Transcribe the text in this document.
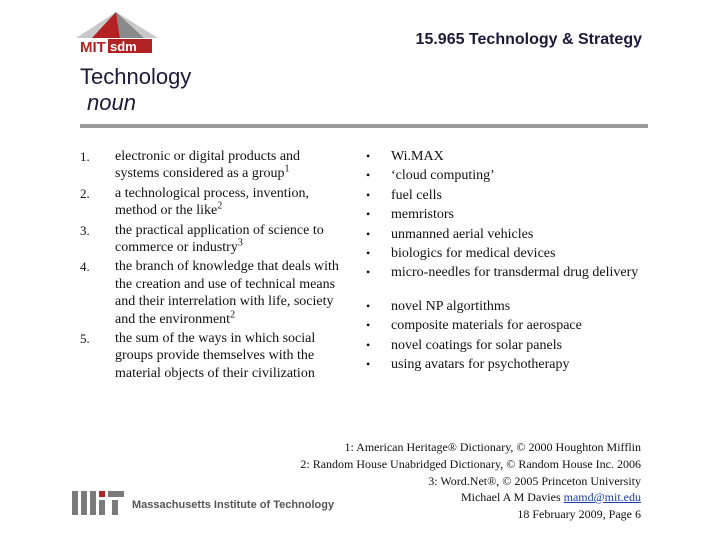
MIT sdm	15.965 Technology & Strategy
Technology
noun
1. electronic or digital products and systems considered as a group$^1$
2. a technological process, invention, method or the like$^2$
3. the practical application of science to commerce or industry$^3$
4. the branch of knowledge that deals with the creation and use of technical means and their interrelation with life, society and the environment$^2$
5. the sum of the ways in which social groups provide themselves with the material objects of their civilization
• Wi.MAX
• ‘cloud computing’
• fuel cells
• memristors
• unmanned aerial vehicles
• biologics for medical devices
• micro-needles for transdermal drug delivery
• novel NP algortithms
• composite materials for aerospace
• novel coatings for solar panels
• using avatars for psychotherapy
1: American Heritage® Dictionary, © 2000 Houghton Mifflin
2: Random House Unabridged Dictionary, © Random House Inc. 2006
3: Word.Net®, © 2005 Princeton University
Massachusetts Institute of Technology
Michael A M Davies mamd@mit.edu
18 February 2009, Page 6
